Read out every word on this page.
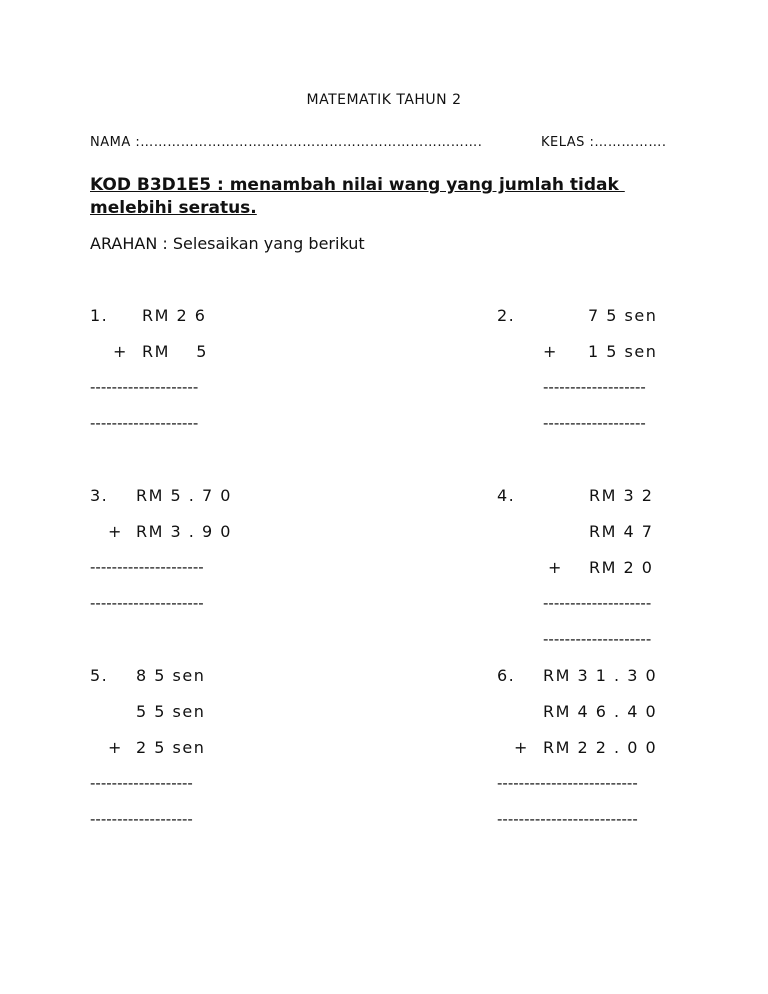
MATEMATIK TAHUN 2
NAMA :………………………………………………………………….	KELAS :…………….
KOD B3D1E5 : menambah nilai wang yang jumlah tidak
melebihi seratus.
ARAHAN : Selesaikan yang berikut
1. RM 2 6
+ RM    5
--------------------
--------------------
2.	7 5 sen
+ 1 5 sen
-------------------
-------------------
3. RM 5 . 7 0
+ RM 3 . 9 0
---------------------
---------------------
4.	RM 3 2
RM 4 7
+ RM 2 0
--------------------
--------------------
5. 8 5 sen
5 5 sen
+ 2 5 sen
-------------------
-------------------
6. RM 3 1 . 3 0
RM 4 6 . 4 0
+ RM 2 2 . 0 0
--------------------------
--------------------------
